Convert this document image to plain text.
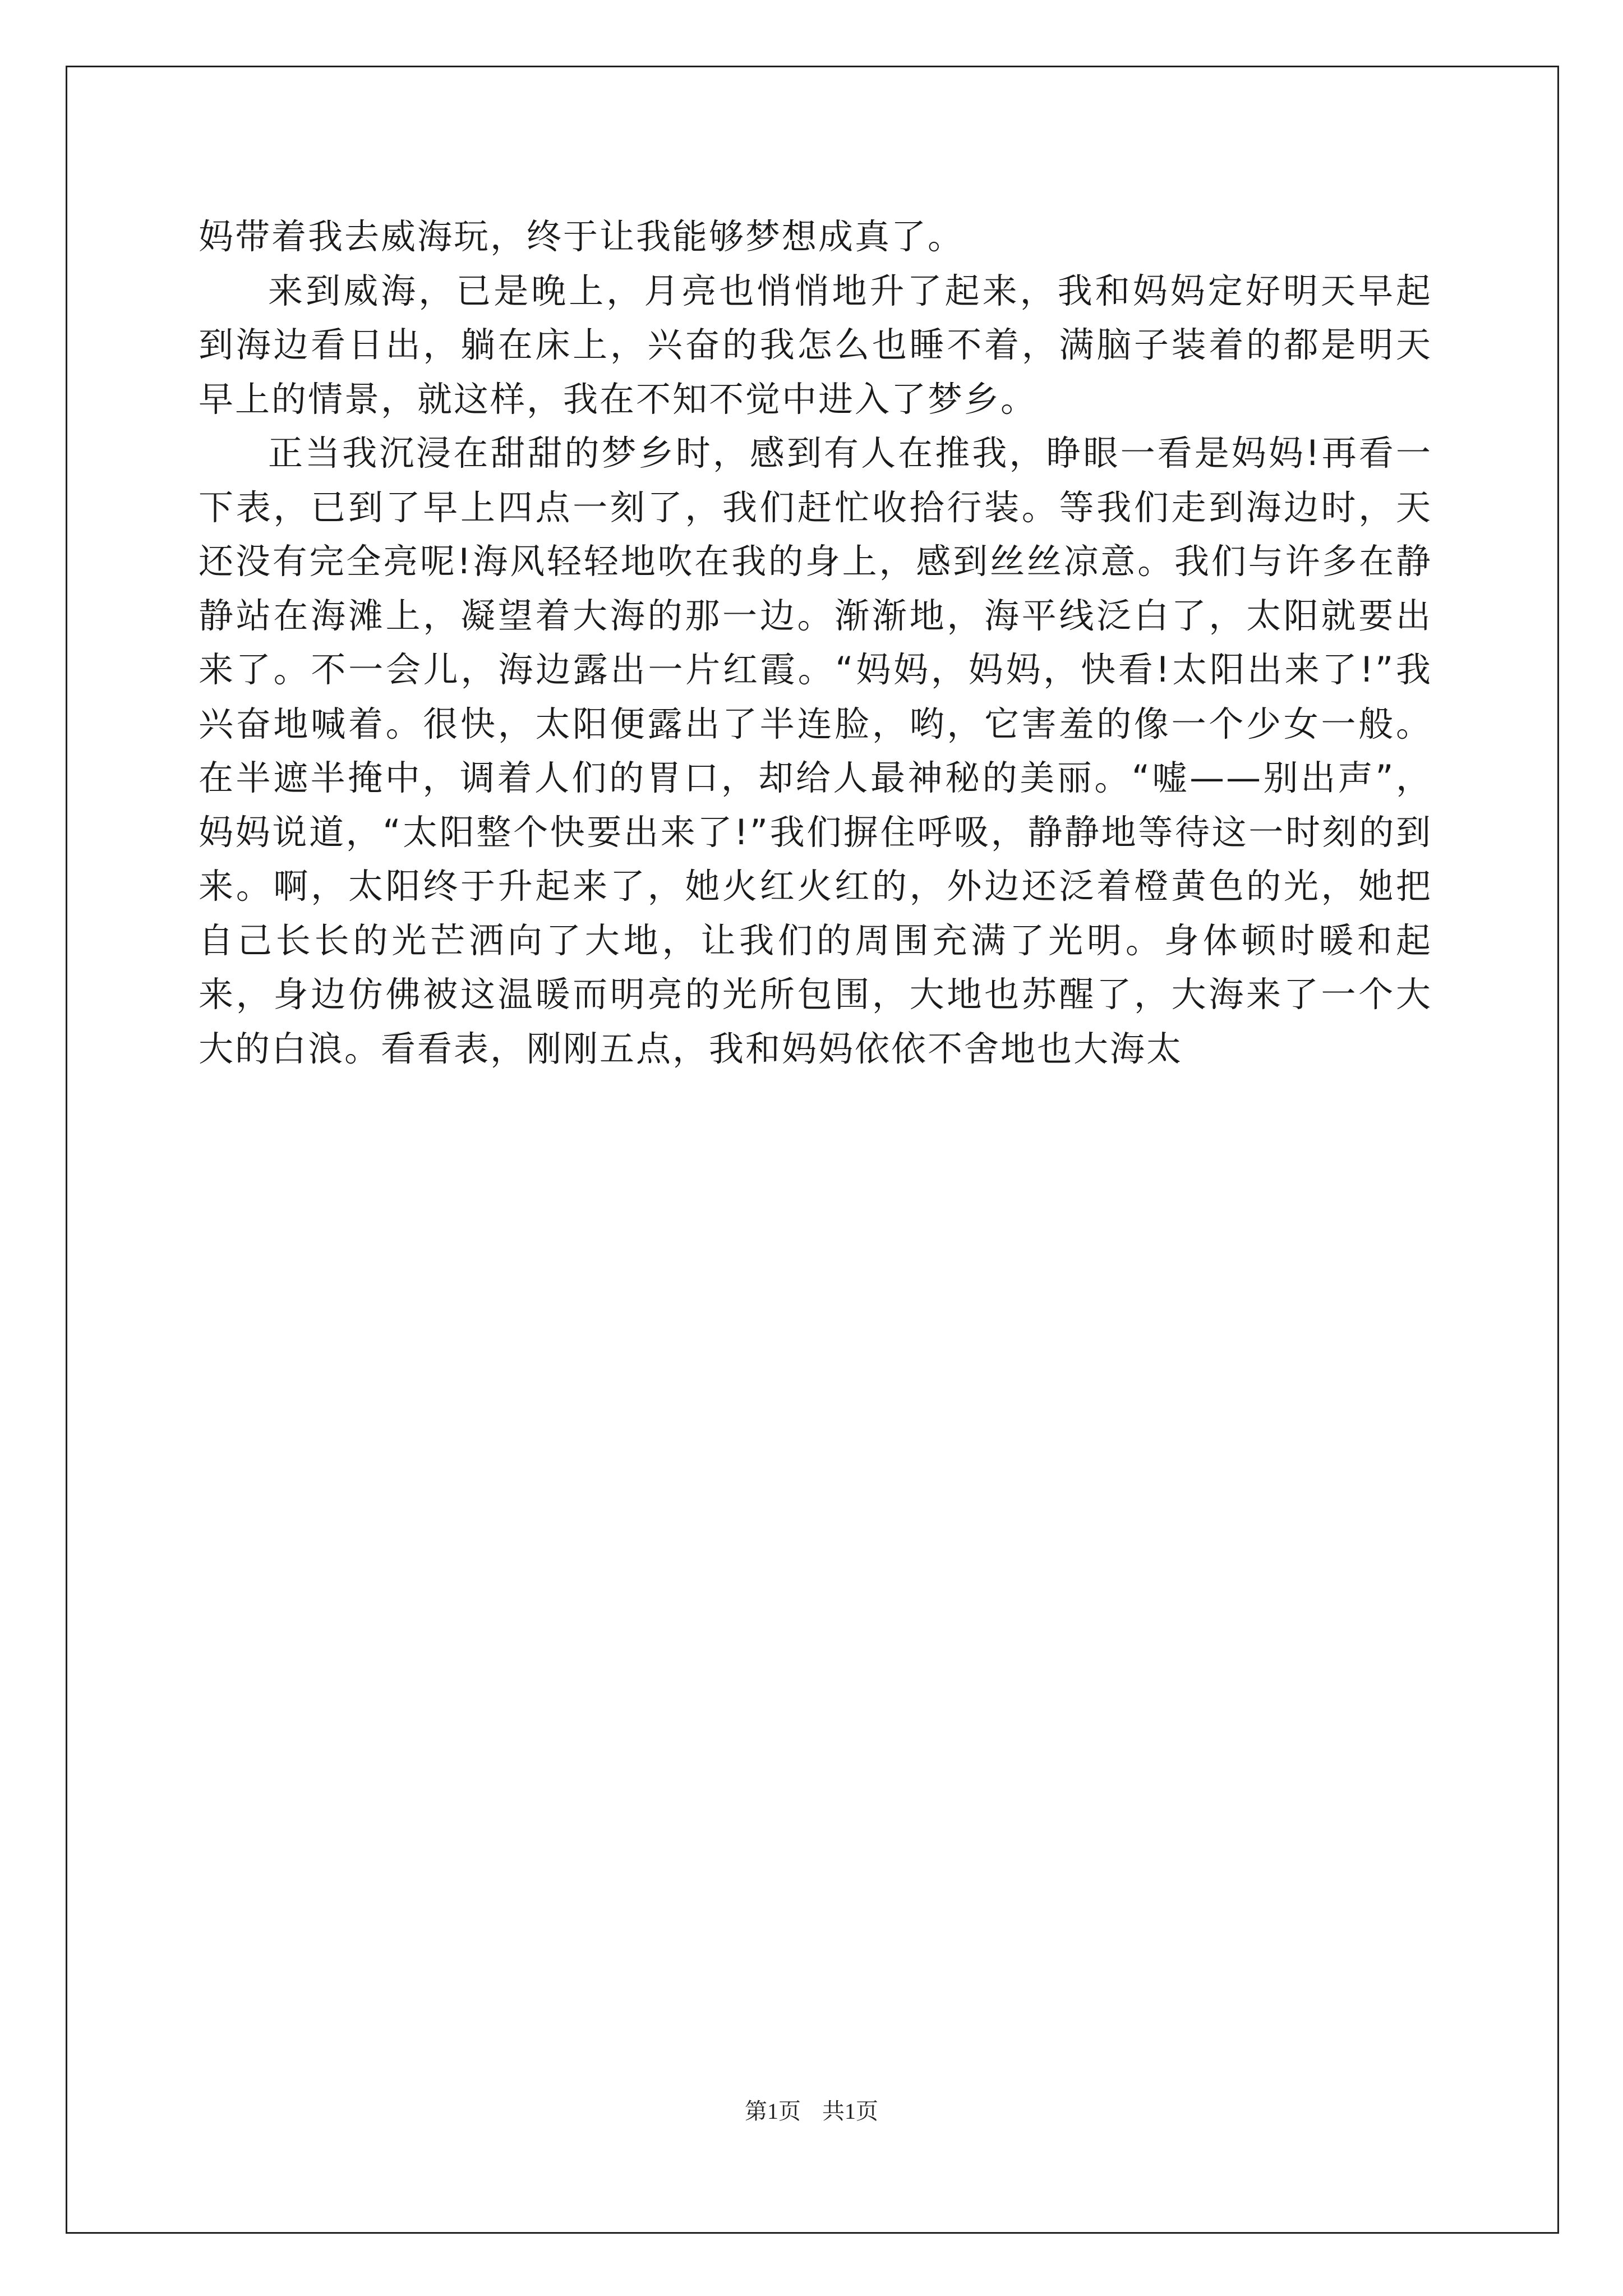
妈带着我去威海玩，终于让我能够梦想成真了。

来到威海，已是晚上，月亮也悄悄地升了起来，我和妈妈定好明天早起到海边看日出，躺在床上，兴奋的我怎么也睡不着，满脑子装着的都是明天早上的情景，就这样，我在不知不觉中进入了梦乡。

正当我沉浸在甜甜的梦乡时，感到有人在推我，睁眼一看是妈妈!再看一下表，已到了早上四点一刻了，我们赶忙收拾行装。等我们走到海边时，天还没有完全亮呢!海风轻轻地吹在我的身上，感到丝丝凉意。我们与许多在静静站在海滩上，凝望着大海的那一边。渐渐地，海平线泛白了，太阳就要出来了。不一会儿，海边露出一片红霞。“妈妈，妈妈，快看!太阳出来了!”我兴奋地喊着。很快，太阳便露出了半连脸，哟，它害羞的像一个少女一般。在半遮半掩中，调着人们的胃口，却给人最神秘的美丽。“嘘——别出声”，妈妈说道，“太阳整个快要出来了!”我们摒住呼吸，静静地等待这一时刻的到来。啊，太阳终于升起来了，她火红火红的，外边还泛着橙黄色的光，她把自己长长的光芒洒向了大地，让我们的周围充满了光明。身体顿时暖和起来，身边仿佛被这温暖而明亮的光所包围，大地也苏醒了，大海来了一个大大的白浪。看看表，刚刚五点，我和妈妈依依不舍地也大海太

第1页 共1页
